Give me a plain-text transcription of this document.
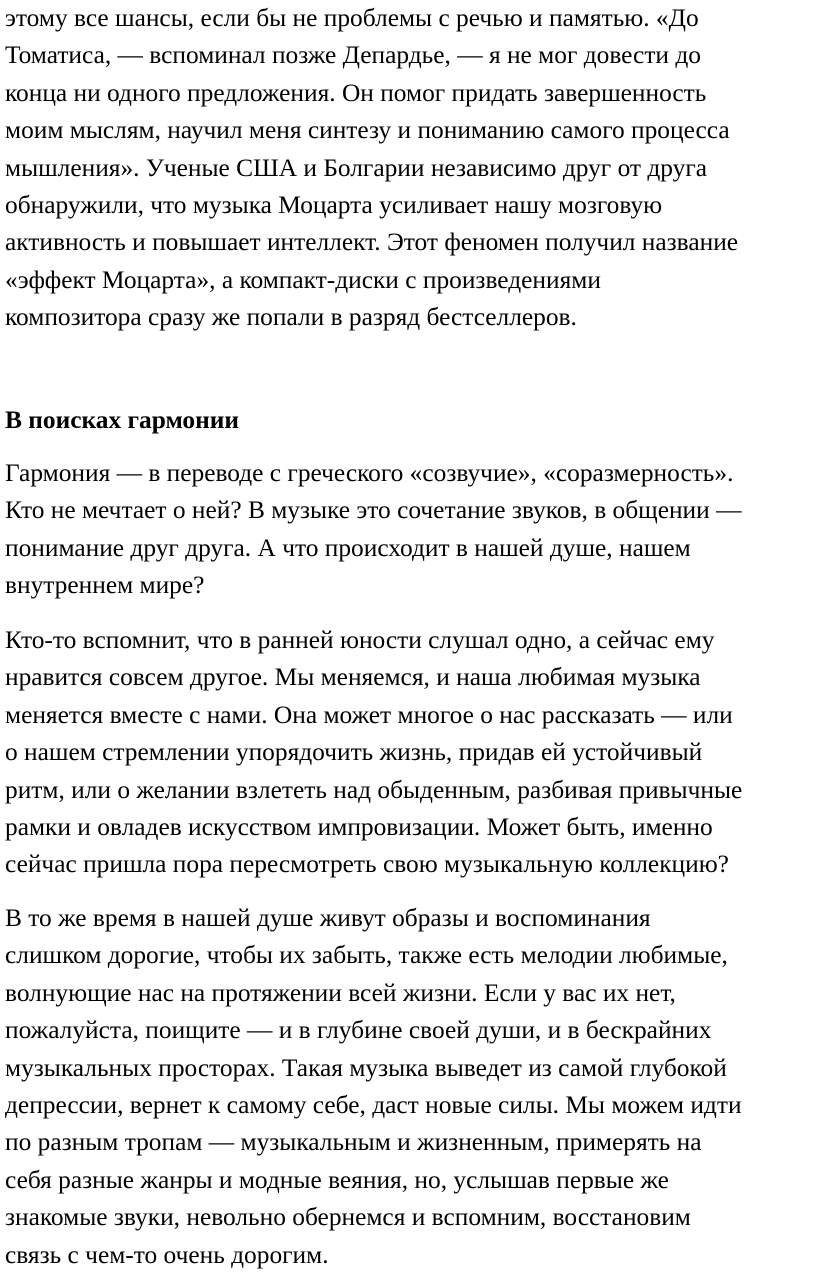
этому все шансы, если бы не проблемы с речью и памятью. «До
Томатиса, — вспоминал позже Депардье, — я не мог довести до
конца ни одного предложения. Он помог придать завершенность
моим мыслям, научил меня синтезу и пониманию самого процесса
мышления». Ученые США и Болгарии независимо друг от друга
обнаружили, что музыка Моцарта усиливает нашу мозговую
активность и повышает интеллект. Этот феномен получил название
«эффект Моцарта», а компакт-диски с произведениями
композитора сразу же попали в разряд бестселлеров.

В поисках гармонии

Гармония — в переводе с греческого «созвучие», «соразмерность».
Кто не мечтает о ней? В музыке это сочетание звуков, в общении —
понимание друг друга. А что происходит в нашей душе, нашем
внутреннем мире?

Кто-то вспомнит, что в ранней юности слушал одно, а сейчас ему
нравится совсем другое. Мы меняемся, и наша любимая музыка
меняется вместе с нами. Она может многое о нас рассказать — или
о нашем стремлении упорядочить жизнь, придав ей устойчивый
ритм, или о желании взлететь над обыденным, разбивая привычные
рамки и овладев искусством импровизации. Может быть, именно
сейчас пришла пора пересмотреть свою музыкальную коллекцию?

В то же время в нашей душе живут образы и воспоминания
слишком дорогие, чтобы их забыть, также есть мелодии любимые,
волнующие нас на протяжении всей жизни. Если у вас их нет,
пожалуйста, поищите — и в глубине своей души, и в бескрайних
музыкальных просторах. Такая музыка выведет из самой глубокой
депрессии, вернет к самому себе, даст новые силы. Мы можем идти
по разным тропам — музыкальным и жизненным, примерять на
себя разные жанры и модные веяния, но, услышав первые же
знакомые звуки, невольно обернемся и вспомним, восстановим
связь с чем-то очень дорогим.
